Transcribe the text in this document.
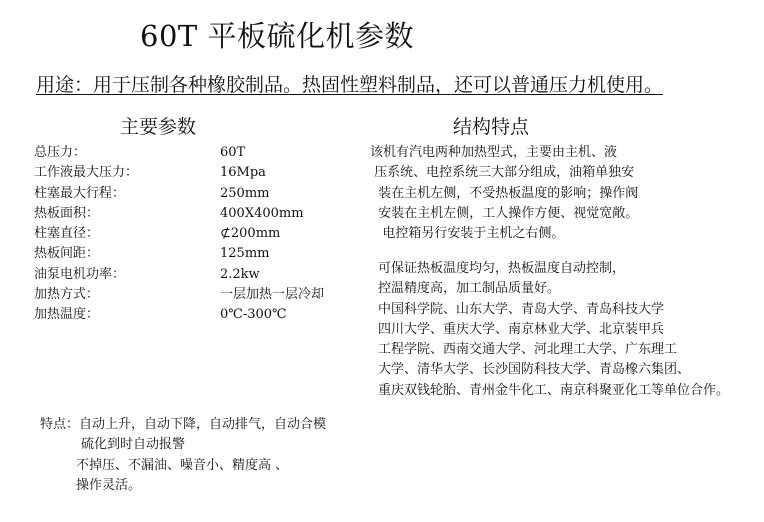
60T 平板硫化机参数
用途：用于压制各种橡胶制品。热固性塑料制品，还可以普通压力机使用。
主要参数	结构特点
总压力：
工作液最大压力：
柱塞最大行程：
热板面积：
柱塞直径：
热板间距：
油泵电机功率：
加热方式：
加热温度：
60T
16Mpa
250mm
400X400mm
⊄200mm
125mm
2.2kw
一层加热一层冷却
0℃-300℃
该机有汽电两种加热型式，主要由主机、液
压系统、电控系统三大部分组成，油箱单独安
装在主机左侧，不受热板温度的影响；操作阀
安装在主机左侧，工人操作方便、视觉宽敞。
电控箱另行安装于主机之右侧。
可保证热板温度均匀，热板温度自动控制，
控温精度高，加工制品质量好。
中国科学院、山东大学、青岛大学、青岛科技大学
四川大学、重庆大学、南京林业大学、北京装甲兵
工程学院、西南交通大学、河北理工大学、广东理工
大学、清华大学、长沙国防科技大学、青岛橡六集团、
重庆双钱轮胎、青州金牛化工、南京科聚亚化工等单位合作。
特点：自动上升，自动下降，自动排气，自动合模
硫化到时自动报警
不掉压、不漏油、噪音小、精度高 、
操作灵活。
